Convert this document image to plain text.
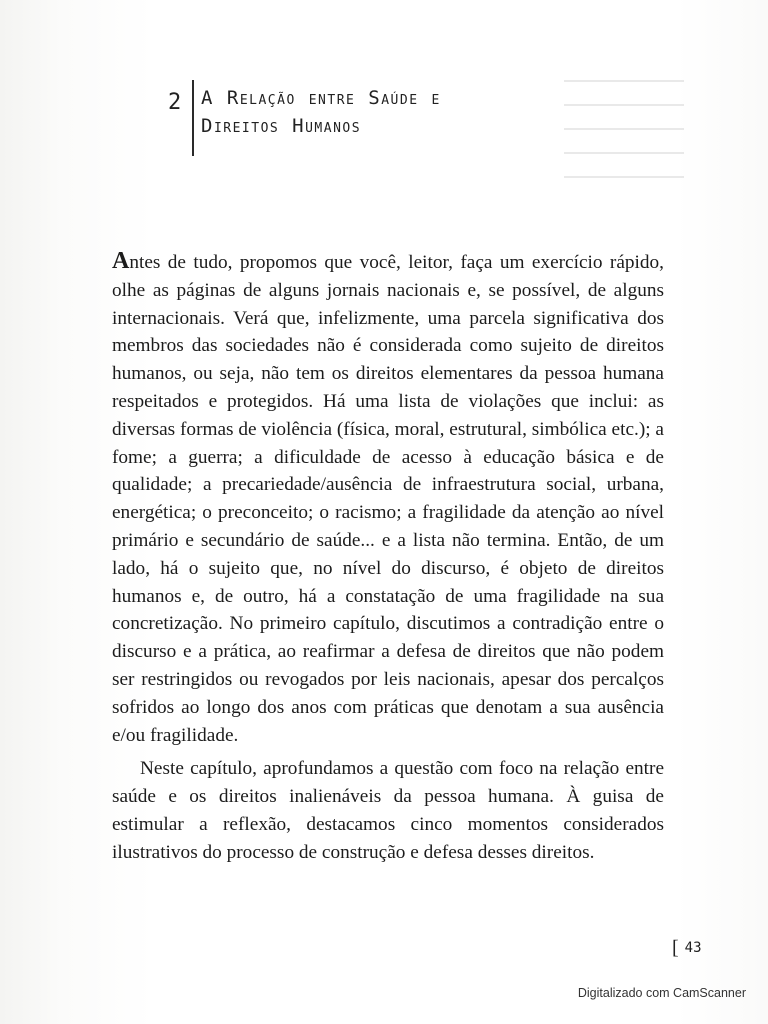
2 A Relação entre Saúde e
Direitos Humanos

Antes de tudo, propomos que você, leitor, faça um exercício rápido, olhe as páginas de alguns jornais nacionais e, se possível, de alguns internacionais. Verá que, infelizmente, uma parcela significativa dos membros das sociedades não é considerada como sujeito de direitos humanos, ou seja, não tem os direitos elementares da pessoa humana respeitados e protegidos. Há uma lista de violações que inclui: as diversas formas de violência (física, moral, estrutural, simbólica etc.); a fome; a guerra; a dificuldade de acesso à educação básica e de qualidade; a precariedade/ausência de infraestrutura social, urbana, energética; o preconceito; o racismo; a fragilidade da atenção ao nível primário e secundário de saúde... e a lista não termina. Então, de um lado, há o sujeito que, no nível do discurso, é objeto de direitos humanos e, de outro, há a constatação de uma fragilidade na sua concretização. No primeiro capítulo, discutimos a contradição entre o discurso e a prática, ao reafirmar a defesa de direitos que não podem ser restringidos ou revogados por leis nacionais, apesar dos percalços sofridos ao longo dos anos com práticas que denotam a sua ausência e/ou fragilidade.

Neste capítulo, aprofundamos a questão com foco na relação entre saúde e os direitos inalienáveis da pessoa humana. À guisa de estimular a reflexão, destacamos cinco momentos considerados ilustrativos do processo de construção e defesa desses direitos.

[ 43
Digitalizado com CamScanner
